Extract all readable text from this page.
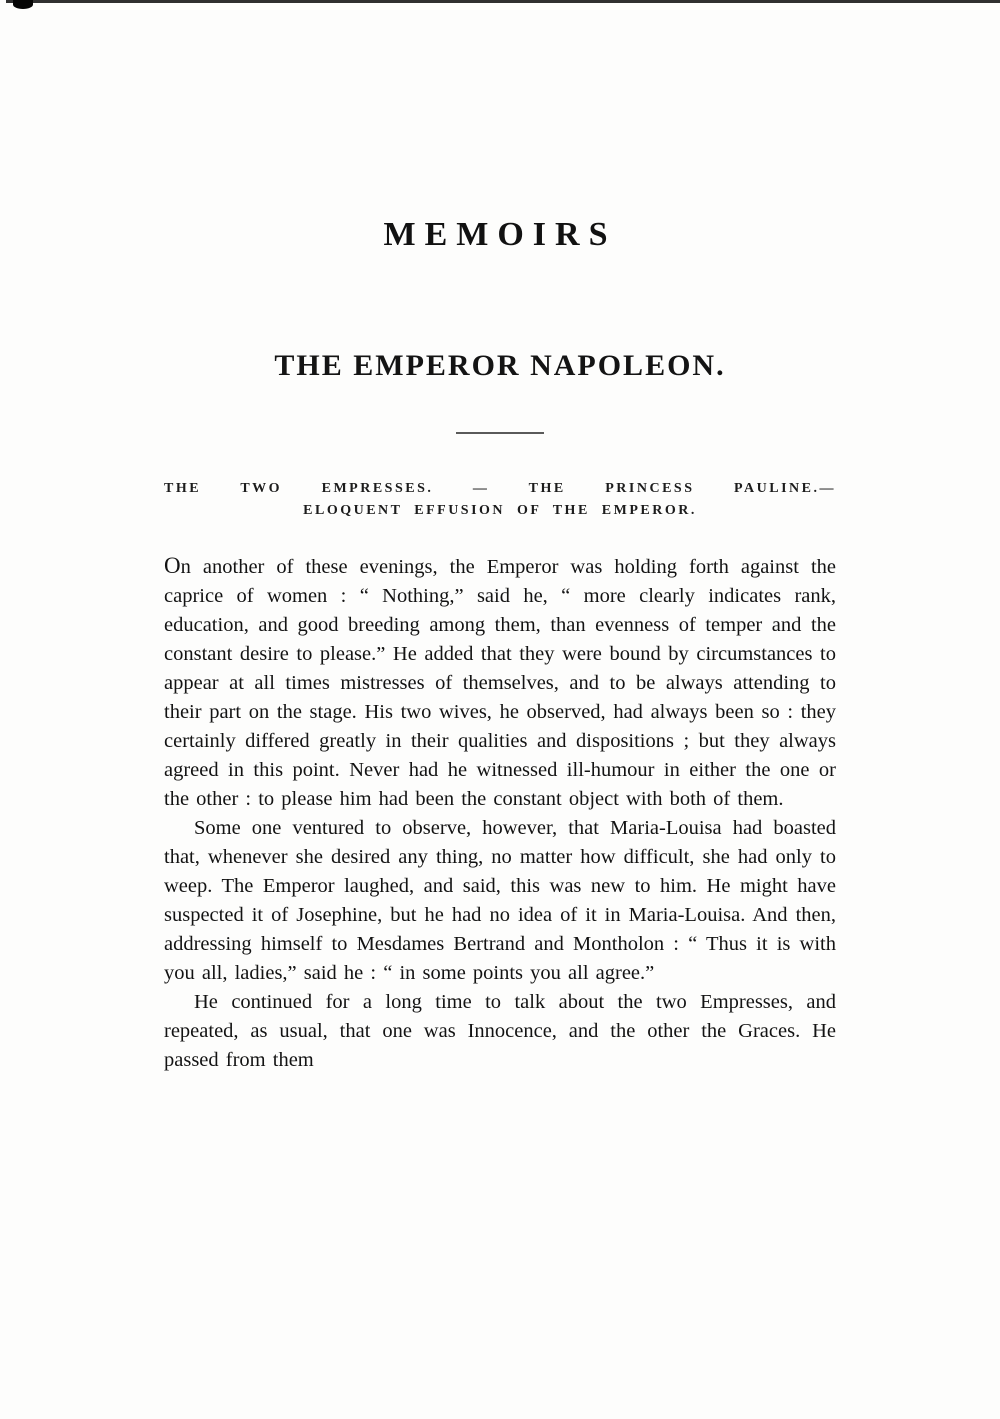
MEMOIRS
THE EMPEROR NAPOLEON.
THE TWO EMPRESSES. — THE PRINCESS PAULINE.—
ELOQUENT EFFUSION OF THE EMPEROR.

On another of these evenings, the Emperor was holding forth against the caprice of women : “ Nothing,” said he, “ more clearly indicates rank, education, and good breeding among them, than evenness of temper and the constant desire to please.” He added that they were bound by circumstances to appear at all times mistresses of themselves, and to be always attending to their part on the stage. His two wives, he observed, had always been so : they certainly differed greatly in their qualities and dispositions ; but they always agreed in this point. Never had he witnessed ill-humour in either the one or the other : to please him had been the constant object with both of them.

Some one ventured to observe, however, that Maria-Louisa had boasted that, whenever she desired any thing, no matter how difficult, she had only to weep. The Emperor laughed, and said, this was new to him. He might have suspected it of Josephine, but he had no idea of it in Maria-Louisa. And then, addressing himself to Mesdames Bertrand and Montholon : “ Thus it is with you all, ladies,” said he : “ in some points you all agree.”

He continued for a long time to talk about the two Empresses, and repeated, as usual, that one was Innocence, and the other the Graces. He passed from them
